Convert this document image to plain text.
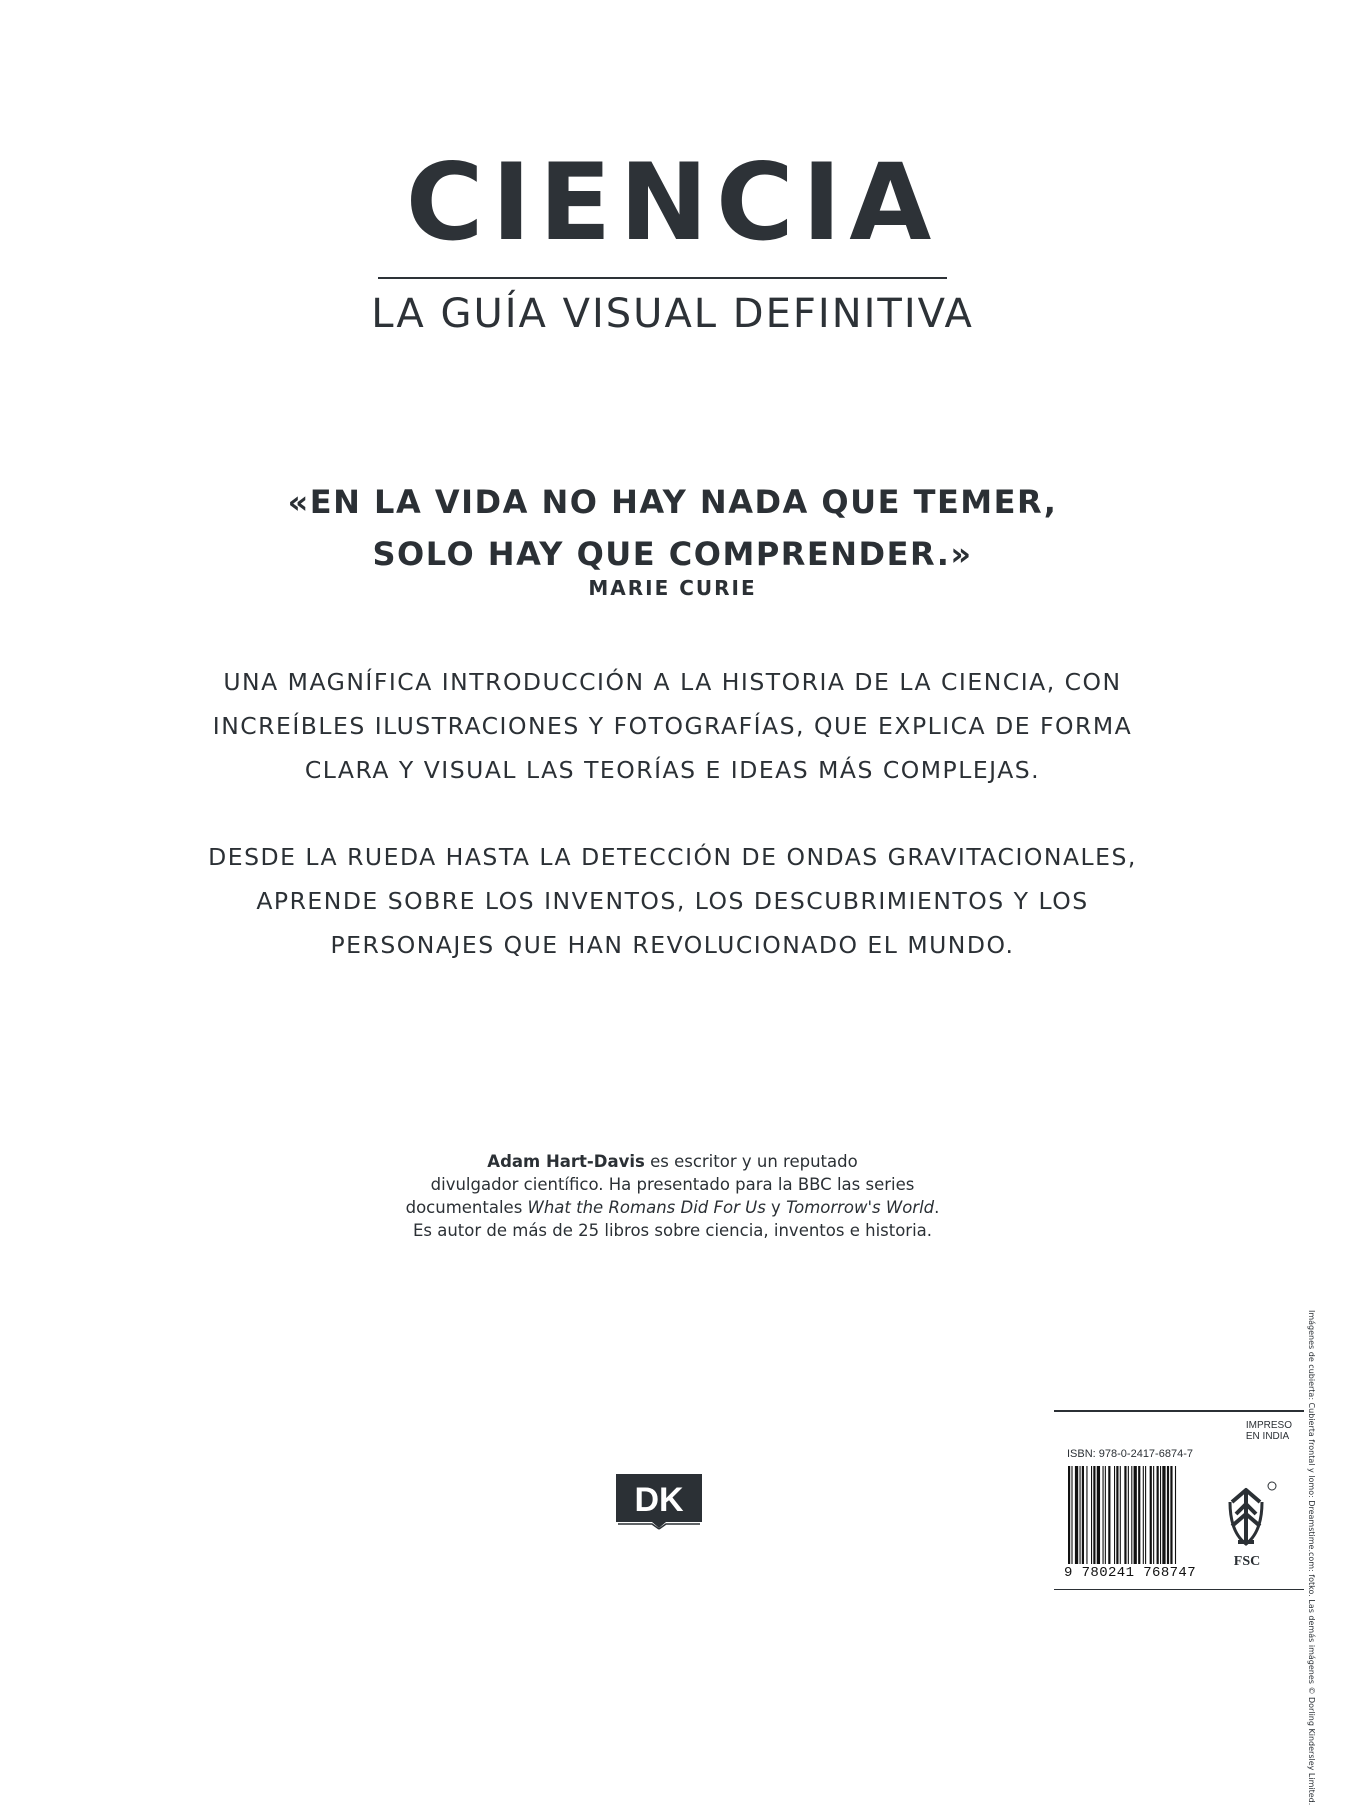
CIENCIA
LA GUÍA VISUAL DEFINITIVA
«EN LA VIDA NO HAY NADA QUE TEMER,
SOLO HAY QUE COMPRENDER.»
MARIE CURIE
UNA MAGNÍFICA INTRODUCCIÓN A LA HISTORIA DE LA CIENCIA, CON
INCREÍBLES ILUSTRACIONES Y FOTOGRAFÍAS, QUE EXPLICA DE FORMA
CLARA Y VISUAL LAS TEORÍAS E IDEAS MÁS COMPLEJAS.
DESDE LA RUEDA HASTA LA DETECCIÓN DE ONDAS GRAVITACIONALES,
APRENDE SOBRE LOS INVENTOS, LOS DESCUBRIMIENTOS Y LOS
PERSONAJES QUE HAN REVOLUCIONADO EL MUNDO.
Adam Hart-Davis es escritor y un reputado
divulgador científico. Ha presentado para la BBC las series
documentales What the Romans Did For Us y Tomorrow's World.
Es autor de más de 25 libros sobre ciencia, inventos e historia.
DK	Imágenes de cubierta: Cubierta frontal y lomo: Dreamstime.com: fotko. Las demás imágenes © Dorling Kindersley Limited.
IMPRESO
EN INDIA
ISBN: 978-0-2417-6874-7
9 780241 768747
FSC
